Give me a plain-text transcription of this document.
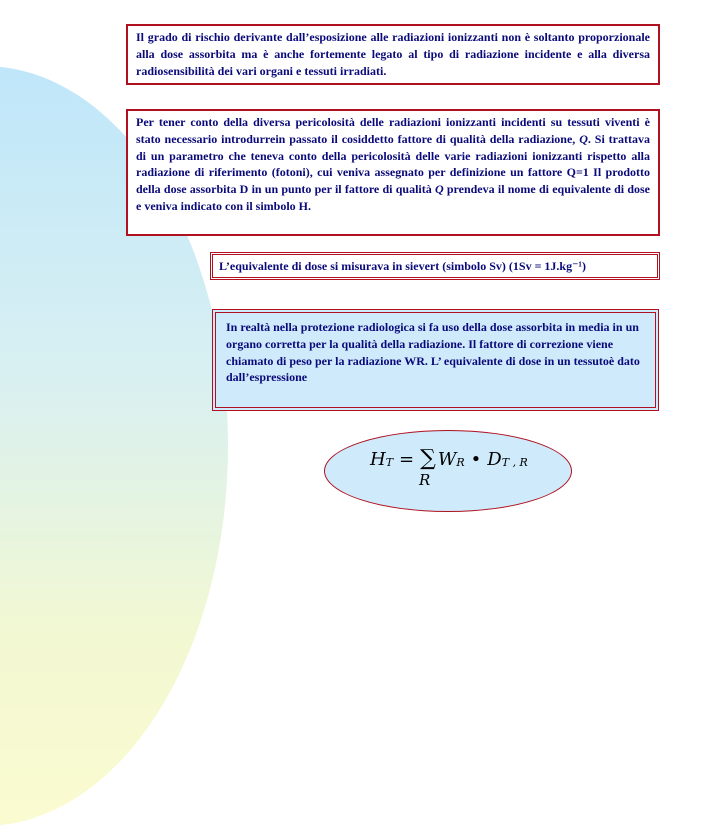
Il grado di rischio derivante dall’esposizione alle radiazioni ionizzanti non è soltanto proporzionale alla dose assorbita ma è anche fortemente legato al tipo di radiazione incidente e alla diversa radiosensibilità dei vari organi e tessuti irradiati.
Per tener conto della diversa pericolosità delle radiazioni ionizzanti incidenti su tessuti viventi è stato necessario introdurrein passato il cosiddetto fattore di qualità della radiazione, Q. Si trattava di un parametro che teneva conto della pericolosità delle varie radiazioni ionizzanti rispetto alla radiazione di riferimento (fotoni), cui veniva assegnato per definizione un fattore Q=1 Il prodotto della dose assorbita D in un punto per il fattore di qualità Q prendeva il nome di equivalente di dose e veniva indicato con il simbolo H.
L’equivalente di dose si misurava in sievert (simbolo Sv) (1Sv = 1J.kg⁻¹)
In realtà nella protezione radiologica si fa uso della dose assorbita in media in un organo corretta per la qualità della radiazione. Il fattore di correzione viene chiamato di peso per la radiazione WR. L’ equivalente di dose in un tessutoè dato dall’espressione
HT = ∑ WR • DT , R
R
